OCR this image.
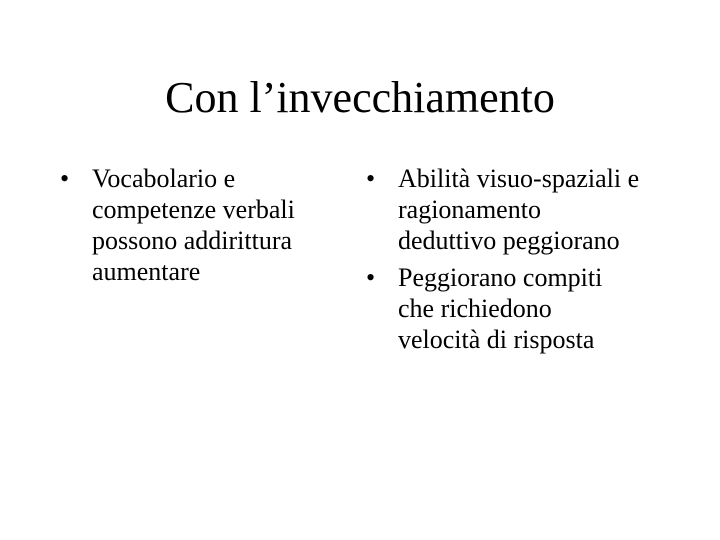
Con l’invecchiamento
• Vocabolario e
competenze verbali
possono addirittura
aumentare
• Abilità visuo-spaziali e
ragionamento
deduttivo peggiorano
• Peggiorano compiti
che richiedono
velocità di risposta
